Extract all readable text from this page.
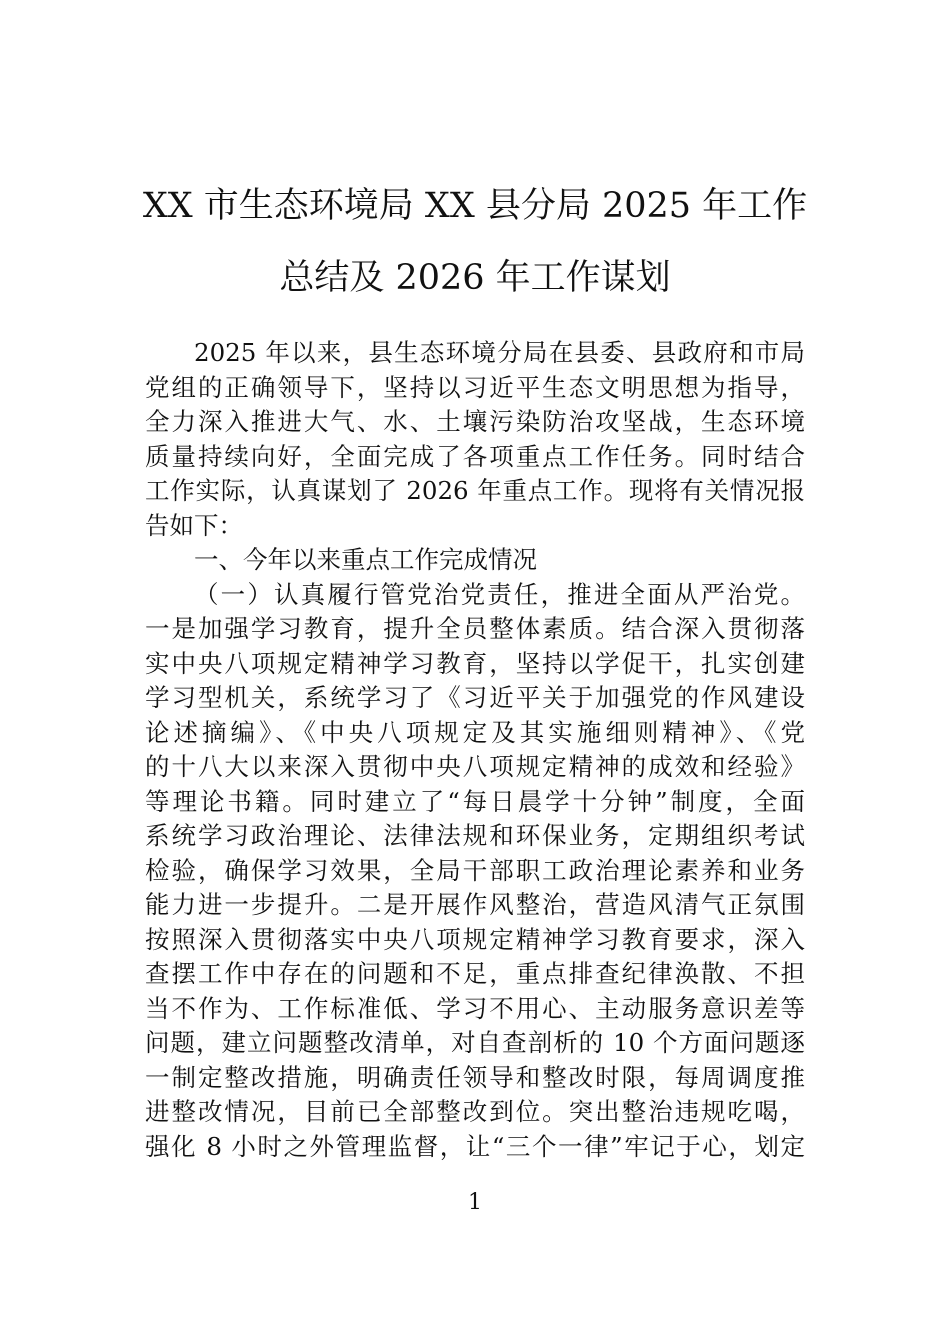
XX 市生态环境局 XX 县分局 2025 年工作
总结及 2026 年工作谋划
2025 年以来，县生态环境分局在县委、县政府和市局
党组的正确领导下，坚持以习近平生态文明思想为指导，
全力深入推进大气、水、土壤污染防治攻坚战，生态环境
质量持续向好，全面完成了各项重点工作任务。同时结合
工作实际，认真谋划了 2026 年重点工作。现将有关情况报
告如下：
一、今年以来重点工作完成情况
（一）认真履行管党治党责任，推进全面从严治党。
一是加强学习教育，提升全员整体素质。结合深入贯彻落
实中央八项规定精神学习教育，坚持以学促干，扎实创建
学习型机关，系统学习了《习近平关于加强党的作风建设
论述摘编》、《中央八项规定及其实施细则精神》、《党
的十八大以来深入贯彻中央八项规定精神的成效和经验》
等理论书籍。同时建立了“每日晨学十分钟”制度，全面
系统学习政治理论、法律法规和环保业务，定期组织考试
检验，确保学习效果，全局干部职工政治理论素养和业务
能力进一步提升。二是开展作风整治，营造风清气正氛围
按照深入贯彻落实中央八项规定精神学习教育要求，深入
查摆工作中存在的问题和不足，重点排查纪律涣散、不担
当不作为、工作标准低、学习不用心、主动服务意识差等
问题，建立问题整改清单，对自查剖析的 10 个方面问题逐
一制定整改措施，明确责任领导和整改时限，每周调度推
进整改情况，目前已全部整改到位。突出整治违规吃喝，
强化 8 小时之外管理监督，让“三个一律”牢记于心，划定
1
